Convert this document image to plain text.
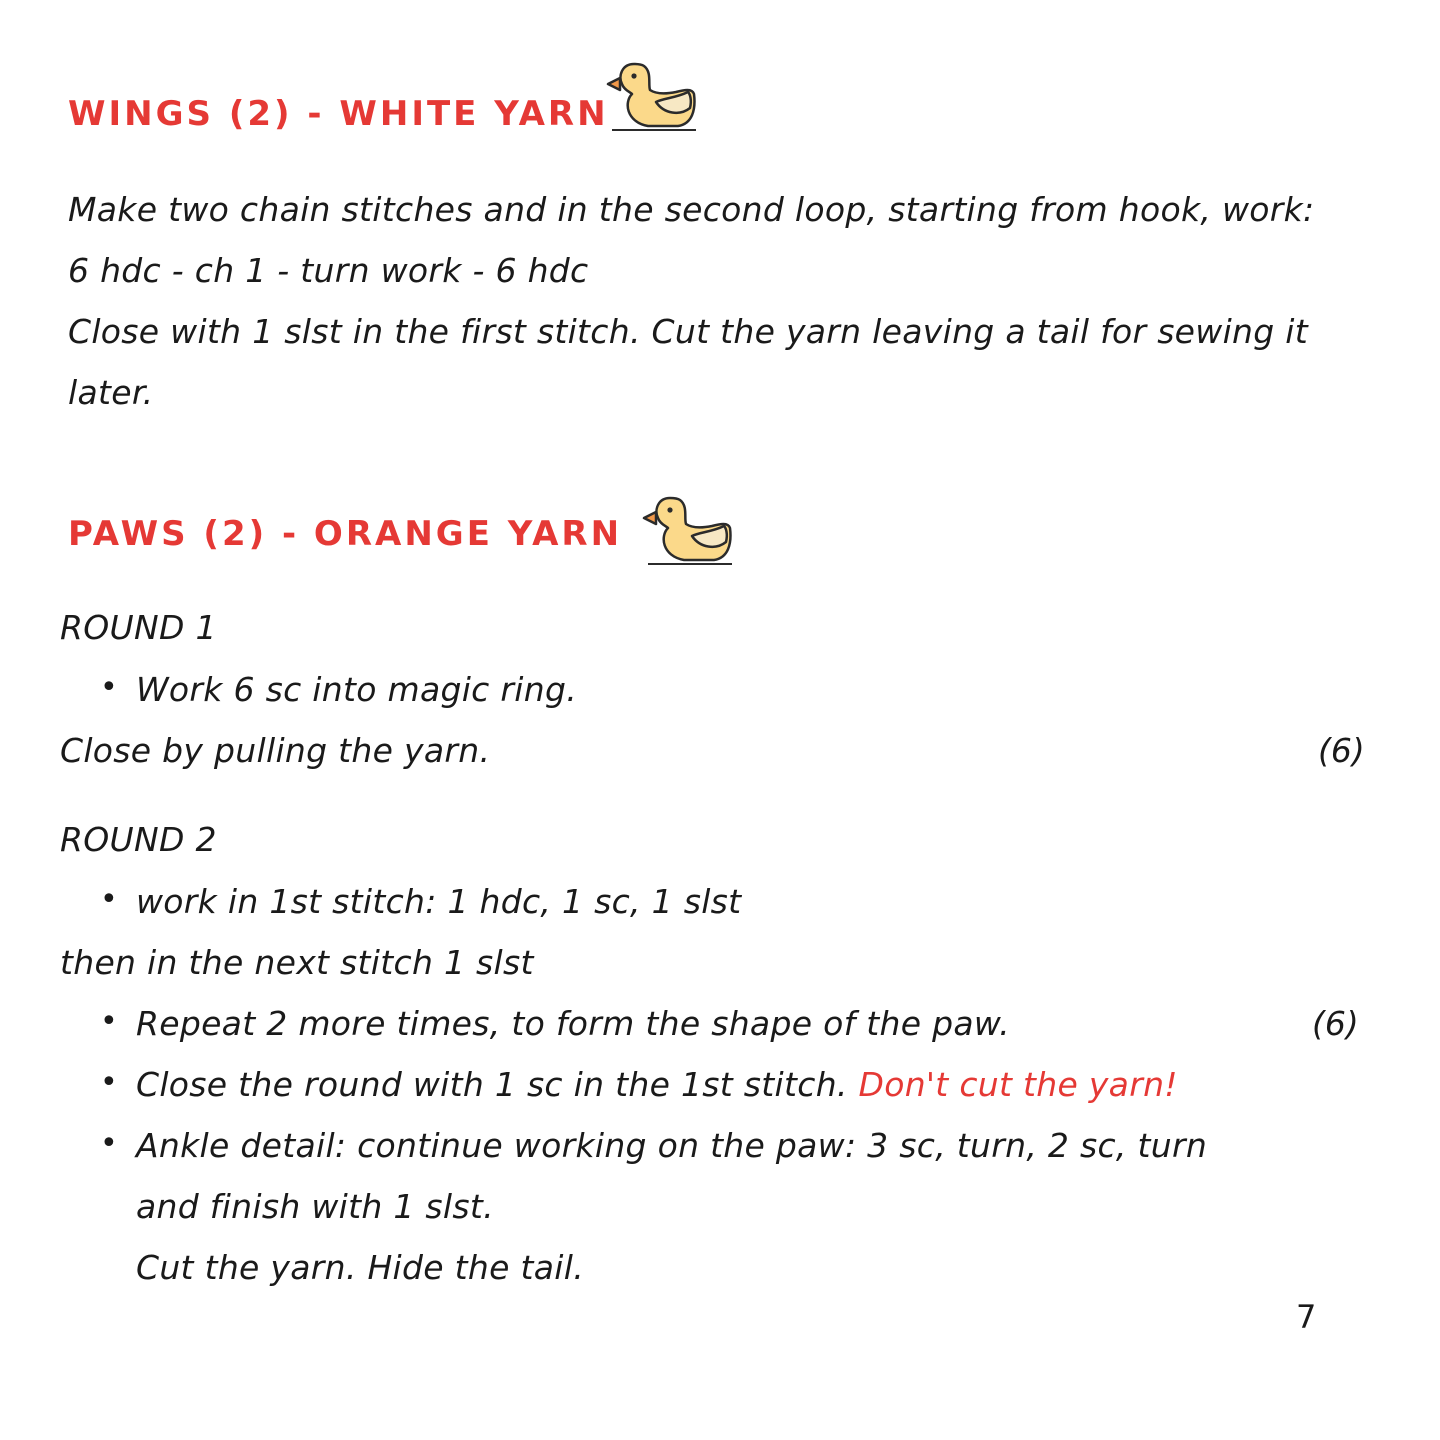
WINGS (2) - WHITE YARN
Make two chain stitches and in the second loop, starting from hook, work:
6 hdc - ch 1 - turn work - 6 hdc
Close with 1 slst in the first stitch. Cut the yarn leaving a tail for sewing it
later.
PAWS (2) - ORANGE YARN
ROUND 1
• Work 6 sc into magic ring.
Close by pulling the yarn.	(6)
ROUND 2
• work in 1st stitch: 1 hdc, 1 sc, 1 slst
then in the next stitch 1 slst
• Repeat 2 more times, to form the shape of the paw.	(6)
• Close the round with 1 sc in the 1st stitch. Don't cut the yarn!
• Ankle detail: continue working on the paw: 3 sc, turn, 2 sc, turn
and finish with 1 slst.
Cut the yarn. Hide the tail.
7
